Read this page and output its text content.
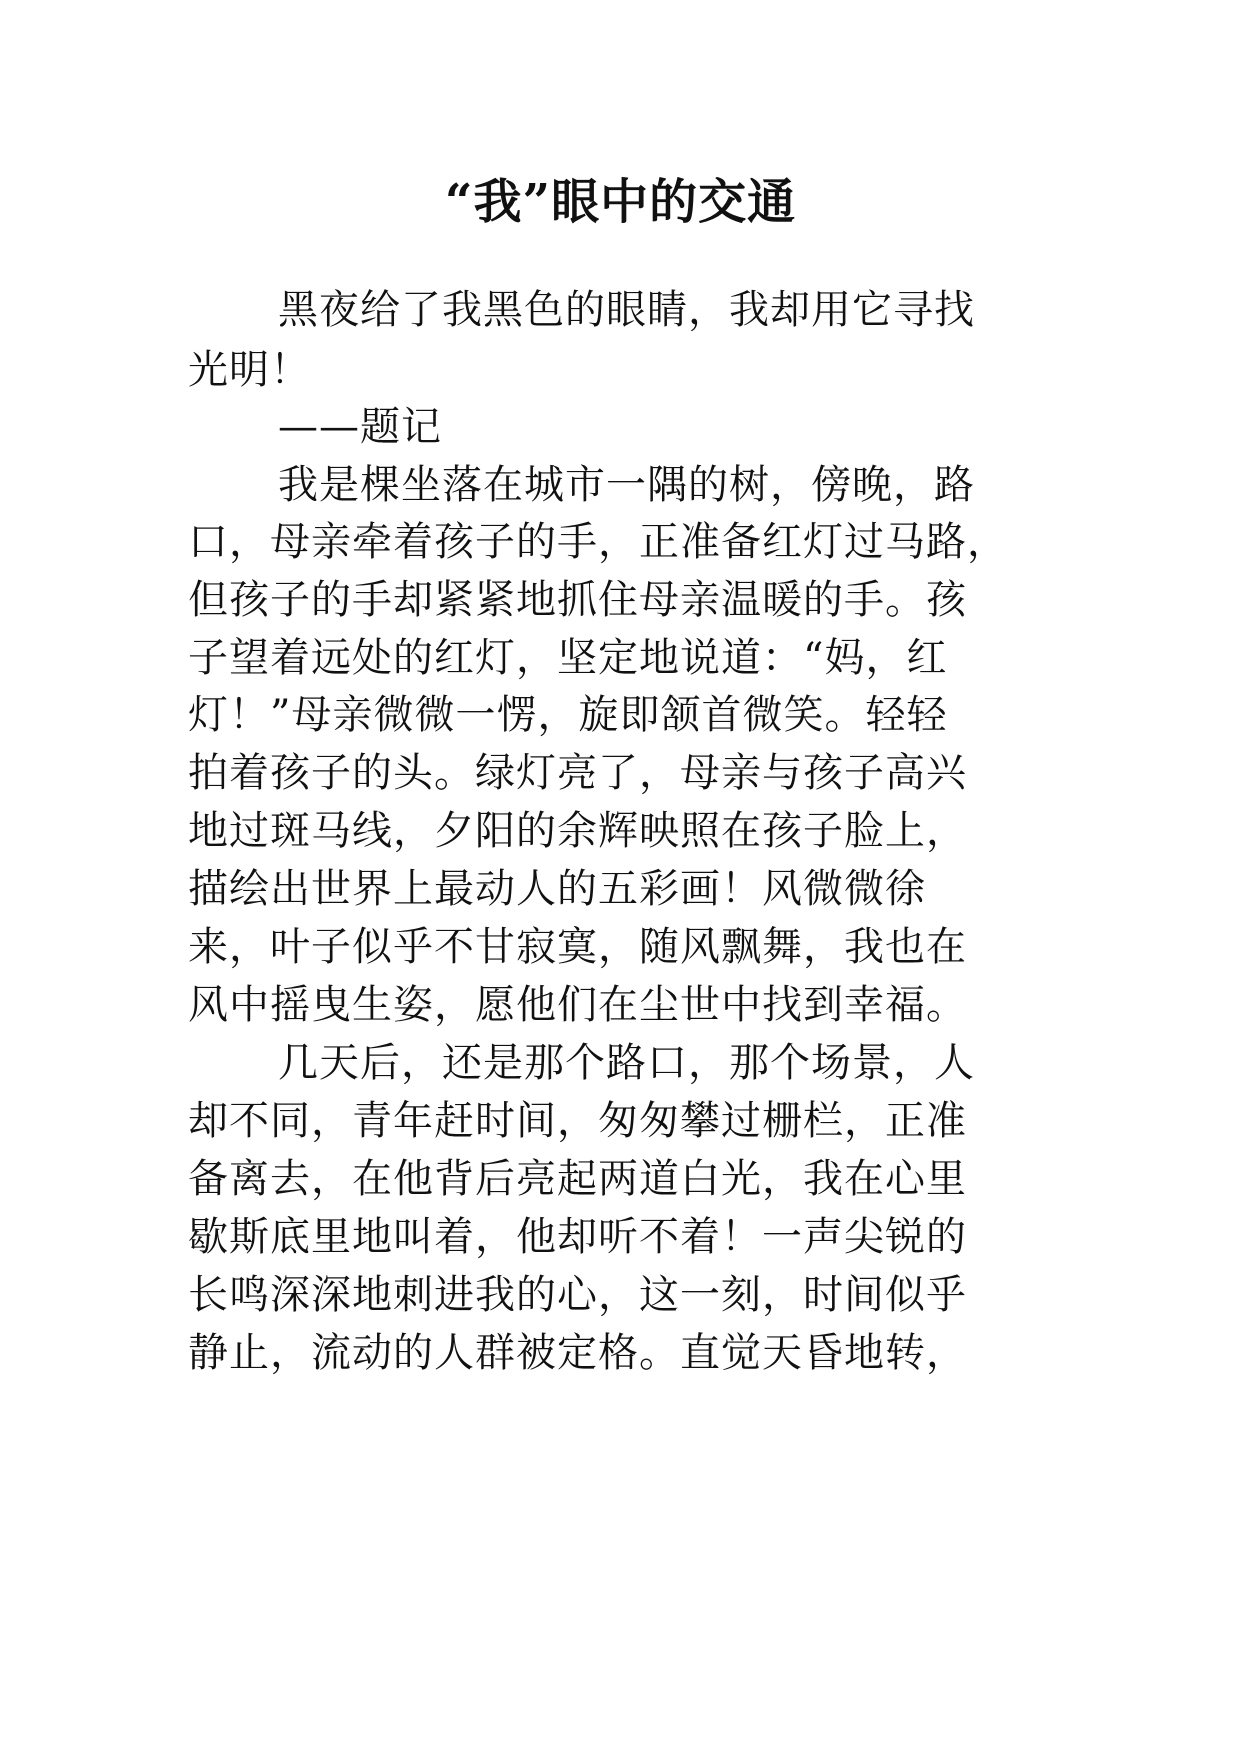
“我”眼中的交通
黑夜给了我黑色的眼睛，我却用它寻找
光明！
——题记
我是棵坐落在城市一隅的树，傍晚，路
口，母亲牵着孩子的手，正准备红灯过马路，
但孩子的手却紧紧地抓住母亲温暖的手。孩
子望着远处的红灯，坚定地说道：“妈，红
灯！”母亲微微一愣，旋即颔首微笑。轻轻
拍着孩子的头。绿灯亮了，母亲与孩子高兴
地过斑马线，夕阳的余辉映照在孩子脸上，
描绘出世界上最动人的五彩画！风微微徐
来，叶子似乎不甘寂寞，随风飘舞，我也在
风中摇曳生姿，愿他们在尘世中找到幸福。
几天后，还是那个路口，那个场景，人
却不同，青年赶时间，匆匆攀过栅栏，正准
备离去，在他背后亮起两道白光，我在心里
歇斯底里地叫着，他却听不着！一声尖锐的
长鸣深深地刺进我的心，这一刻，时间似乎
静止，流动的人群被定格。直觉天昏地转，
